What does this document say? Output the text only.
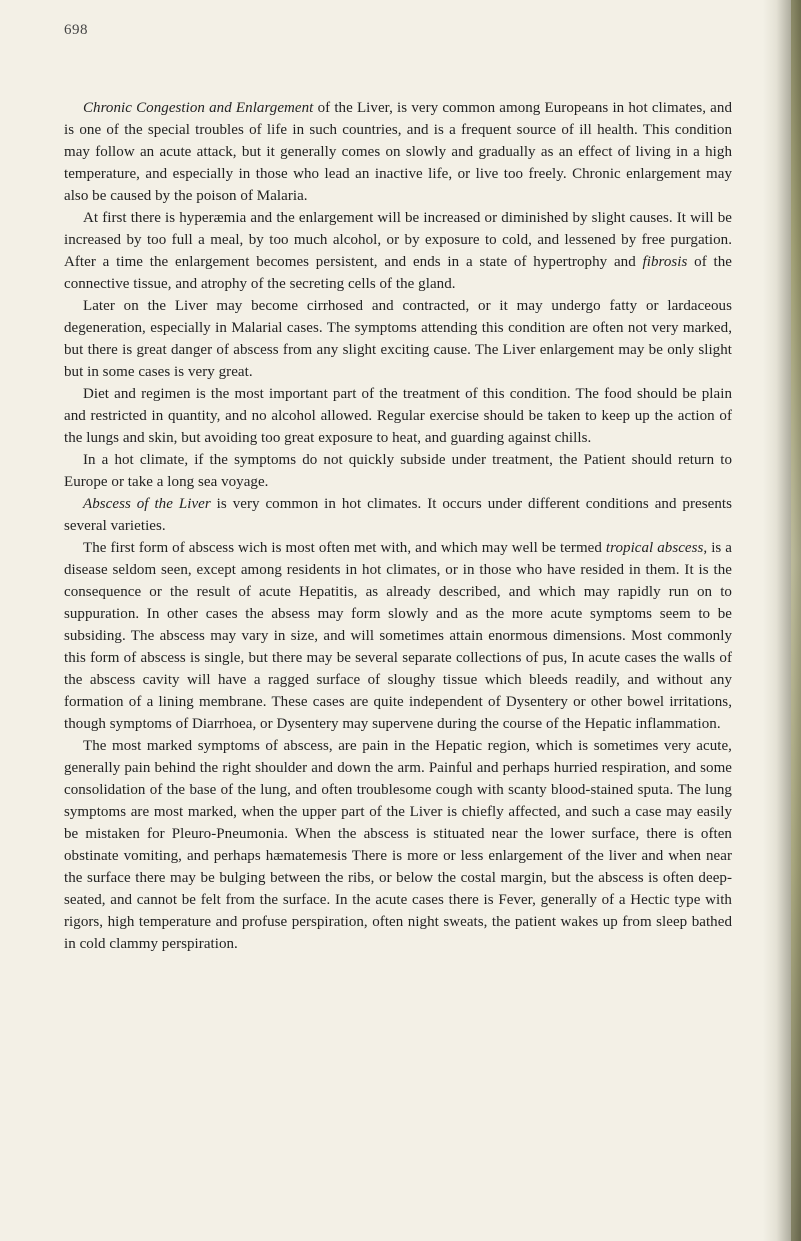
698

Chronic Congestion and Enlargement of the Liver, is very common among Europeans in hot climates, and is one of the special troubles of life in such countries, and is a frequent source of ill health. This condition may follow an acute attack, but it generally comes on slowly and gradually as an effect of living in a high temperature, and especially in those who lead an inactive life, or live too freely. Chronic enlargement may also be caused by the poison of Malaria.

At first there is hyperæmia and the enlargement will be increased or diminished by slight causes. It will be increased by too full a meal, by too much alcohol, or by exposure to cold, and lessened by free purgation. After a time the enlargement becomes persistent, and ends in a state of hypertrophy and fibrosis of the connective tissue, and atrophy of the secreting cells of the gland.

Later on the Liver may become cirrhosed and contracted, or it may undergo fatty or lardaceous degeneration, especially in Malarial cases. The symptoms attending this condition are often not very marked, but there is great danger of abscess from any slight exciting cause. The Liver enlargement may be only slight but in some cases is very great.

Diet and regimen is the most important part of the treatment of this condition. The food should be plain and restricted in quantity, and no alcohol allowed. Regular exercise should be taken to keep up the action of the lungs and skin, but avoiding too great exposure to heat, and guarding against chills.

In a hot climate, if the symptoms do not quickly subside under treatment, the Patient should return to Europe or take a long sea voyage.

Abscess of the Liver is very common in hot climates. It occurs under different conditions and presents several varieties.

The first form of abscess wich is most often met with, and which may well be termed tropical abscess, is a disease seldom seen, except among residents in hot climates, or in those who have resided in them. It is the consequence or the result of acute Hepatitis, as already described, and which may rapidly run on to suppuration. In other cases the absess may form slowly and as the more acute symptoms seem to be subsiding. The abscess may vary in size, and will sometimes attain enormous dimensions. Most commonly this form of abscess is single, but there may be several separate collections of pus, In acute cases the walls of the abscess cavity will have a ragged surface of sloughy tissue which bleeds readily, and without any formation of a lining membrane. These cases are quite independent of Dysentery or other bowel irritations, though symptoms of Diarrhoea, or Dysentery may supervene during the course of the Hepatic inflammation.

The most marked symptoms of abscess, are pain in the Hepatic region, which is sometimes very acute, generally pain behind the right shoulder and down the arm. Painful and perhaps hurried respiration, and some consolidation of the base of the lung, and often troublesome cough with scanty blood-stained sputa. The lung symptoms are most marked, when the upper part of the Liver is chiefly affected, and such a case may easily be mistaken for Pleuro-Pneumonia. When the abscess is stituated near the lower surface, there is often obstinate vomiting, and perhaps hæmatemesis There is more or less enlargement of the liver and when near the surface there may be bulging between the ribs, or below the costal margin, but the abscess is often deep-seated, and cannot be felt from the surface. In the acute cases there is Fever, generally of a Hectic type with rigors, high temperature and profuse perspiration, often night sweats, the patient wakes up from sleep bathed in cold clammy perspiration.
